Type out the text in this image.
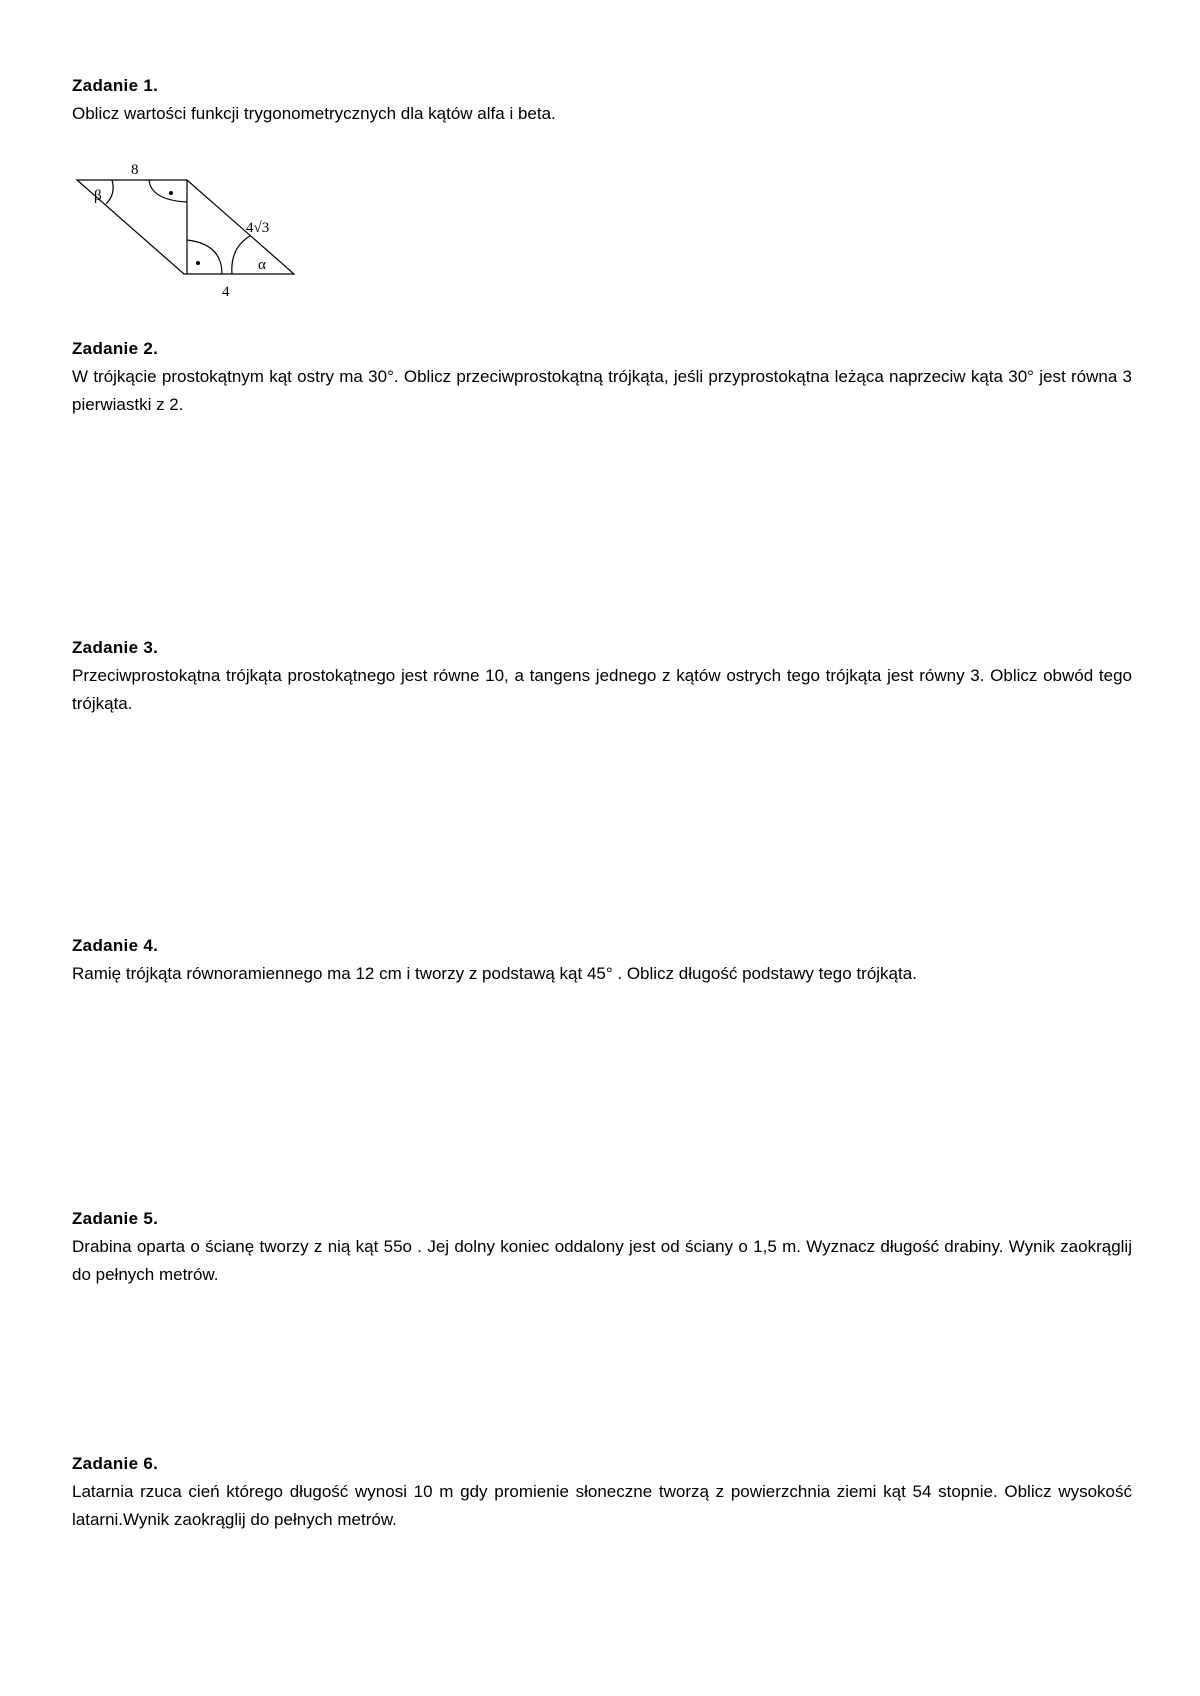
Zadanie 1.

Oblicz wartości funkcji trygonometrycznych dla kątów alfa i beta.

8
4√3
4
β
α
Zadanie 2.

W trójkącie prostokątnym kąt ostry ma 30°. Oblicz przeciwprostokątną trójkąta, jeśli przyprostokątna leżąca naprzeciw kąta 30° jest równa 3 pierwiastki z 2.

Zadanie 3.

Przeciwprostokątna trójkąta prostokątnego jest równe 10, a tangens jednego z kątów ostrych tego trójkąta jest równy 3. Oblicz obwód tego trójkąta.

Zadanie 4.

Ramię trójkąta równoramiennego ma 12 cm i tworzy z podstawą kąt 45° . Oblicz długość podstawy tego trójkąta.

Zadanie 5.

Drabina oparta o ścianę tworzy z nią kąt 55o . Jej dolny koniec oddalony jest od ściany o 1,5 m. Wyznacz długość drabiny. Wynik zaokrąglij do pełnych metrów.

Zadanie 6.

Latarnia rzuca cień którego długość wynosi 10 m gdy promienie słoneczne tworzą z powierzchnia ziemi kąt 54 stopnie. Oblicz wysokość latarni.Wynik zaokrąglij do pełnych metrów.
